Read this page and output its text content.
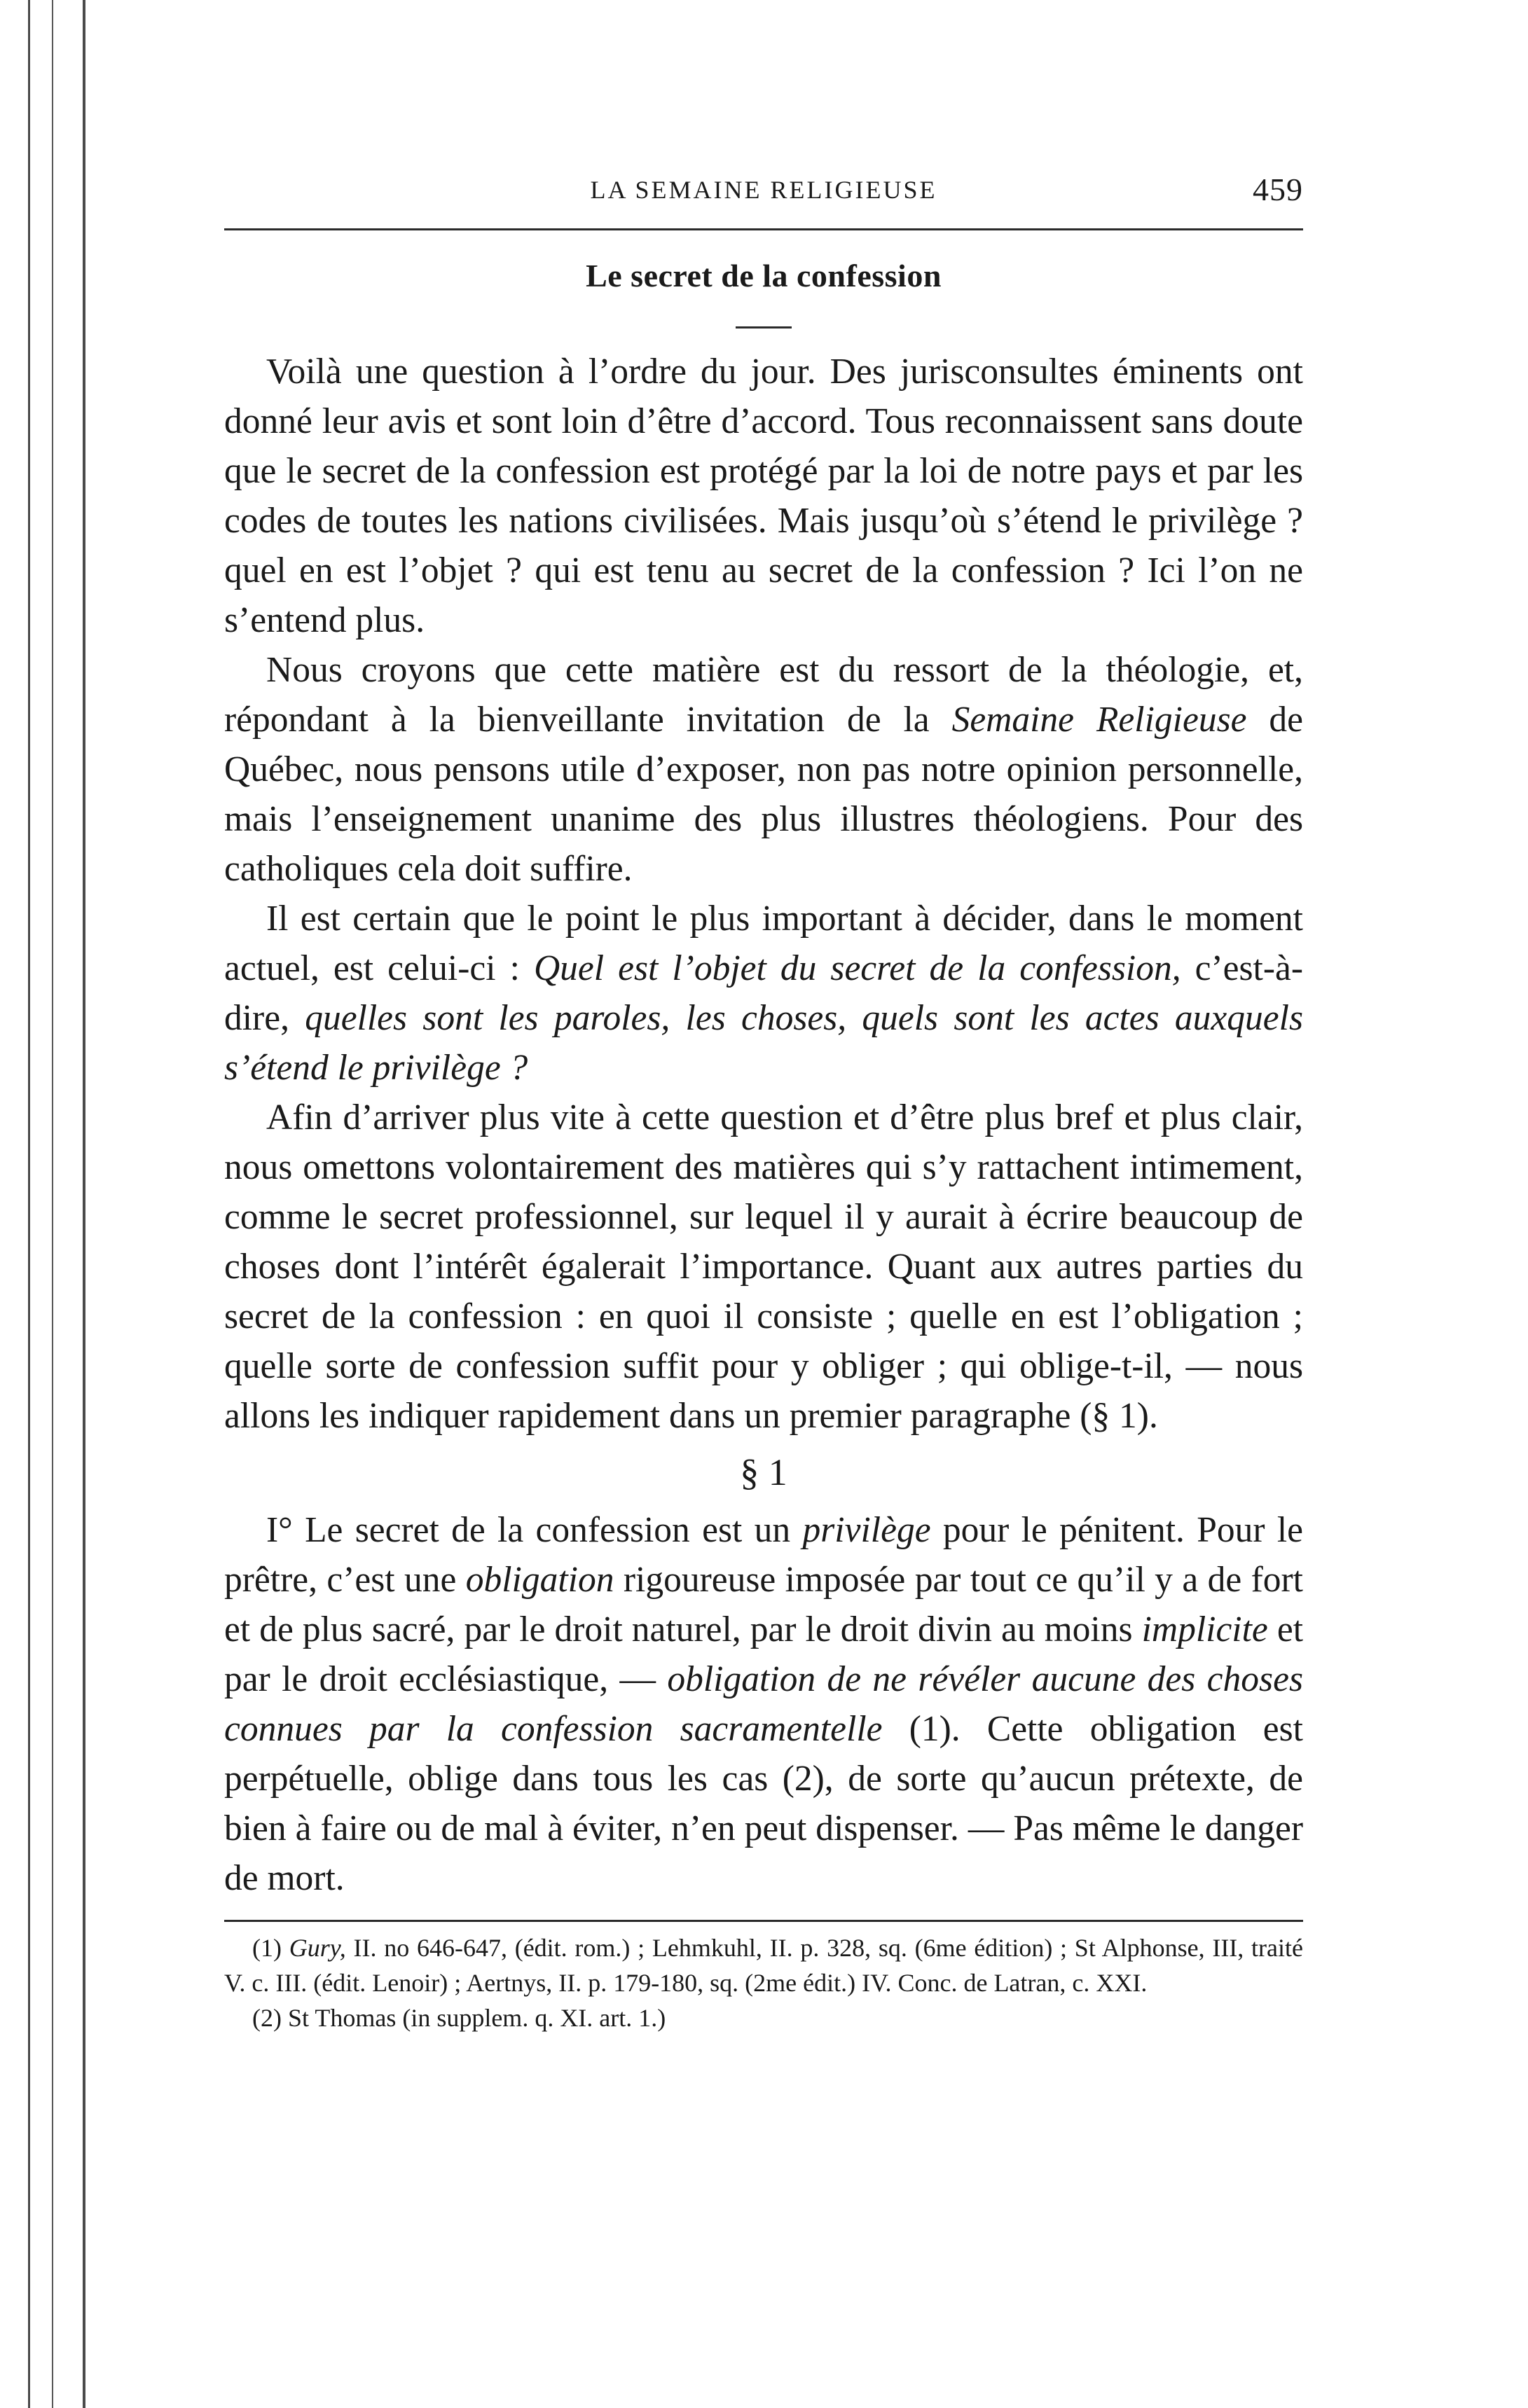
LA SEMAINE RELIGIEUSE	459
Le secret de la confession

Voilà une question à l’ordre du jour. Des jurisconsultes éminents ont donné leur avis et sont loin d’être d’accord. Tous reconnaissent sans doute que le secret de la confession est protégé par la loi de notre pays et par les codes de toutes les nations civilisées. Mais jusqu’où s’étend le privilège ? quel en est l’objet ? qui est tenu au secret de la confession ? Ici l’on ne s’entend plus.

Nous croyons que cette matière est du ressort de la théologie, et, répondant à la bienveillante invitation de la Semaine Religieuse de Québec, nous pensons utile d’exposer, non pas notre opinion personnelle, mais l’enseignement unanime des plus illustres théologiens. Pour des catholiques cela doit suffire.

Il est certain que le point le plus important à décider, dans le moment actuel, est celui-ci : Quel est l’objet du secret de la confession, c’est-à-dire, quelles sont les paroles, les choses, quels sont les actes auxquels s’étend le privilège ?

Afin d’arriver plus vite à cette question et d’être plus bref et plus clair, nous omettons volontairement des matières qui s’y rattachent intimement, comme le secret professionnel, sur lequel il y aurait à écrire beaucoup de choses dont l’intérêt égalerait l’importance. Quant aux autres parties du secret de la confession : en quoi il consiste ; quelle en est l’obligation ; quelle sorte de confession suffit pour y obliger ; qui oblige-t-il, — nous allons les indiquer rapidement dans un premier paragraphe (§ 1).

§ 1

I° Le secret de la confession est un privilège pour le pénitent. Pour le prêtre, c’est une obligation rigoureuse imposée par tout ce qu’il y a de fort et de plus sacré, par le droit naturel, par le droit divin au moins implicite et par le droit ecclésiastique, — obligation de ne révéler aucune des choses connues par la confession sacramentelle (1). Cette obligation est perpétuelle, oblige dans tous les cas (2), de sorte qu’aucun prétexte, de bien à faire ou de mal à éviter, n’en peut dispenser. — Pas même le danger de mort.

(1) Gury, II. no 646-647, (édit. rom.) ; Lehmkuhl, II. p. 328, sq. (6me édition) ; St Alphonse, III, traité V. c. III. (édit. Lenoir) ; Aertnys, II. p. 179-180, sq. (2me édit.) IV. Conc. de Latran, c. XXI.

(2) St Thomas (in supplem. q. XI. art. 1.)
